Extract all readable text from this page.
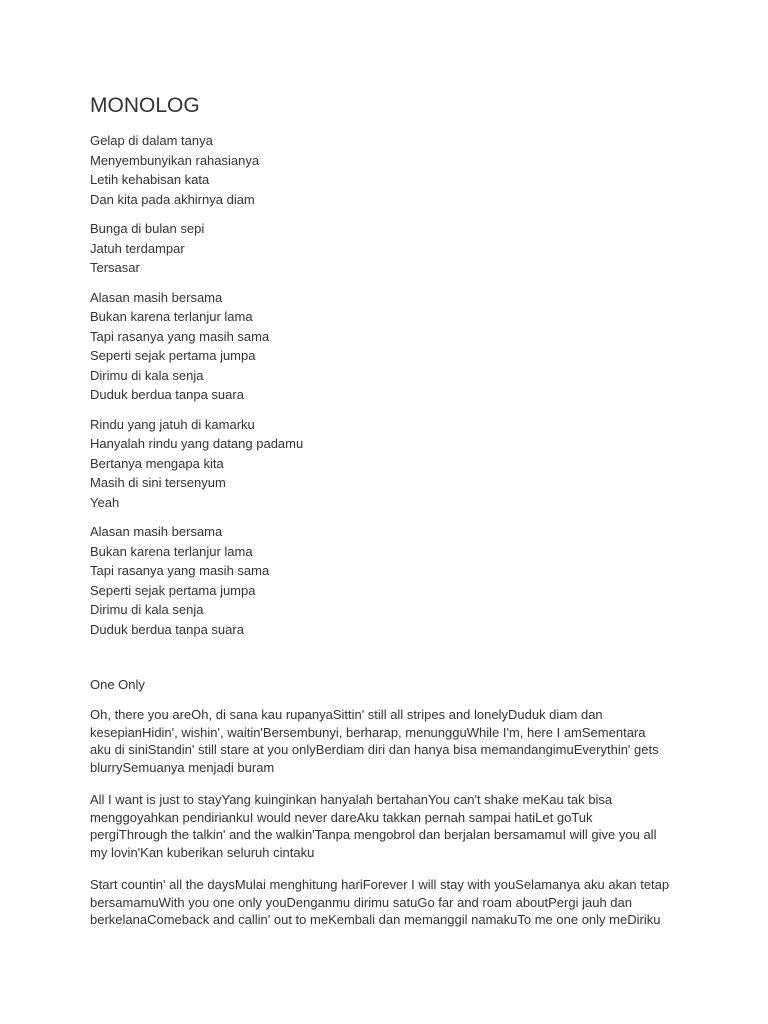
MONOLOG
Gelap di dalam tanya
Menyembunyikan rahasianya
Letih kehabisan kata
Dan kita pada akhirnya diam
Bunga di bulan sepi
Jatuh terdampar
Tersasar
Alasan masih bersama
Bukan karena terlanjur lama
Tapi rasanya yang masih sama
Seperti sejak pertama jumpa
Dirimu di kala senja
Duduk berdua tanpa suara
Rindu yang jatuh di kamarku
Hanyalah rindu yang datang padamu
Bertanya mengapa kita
Masih di sini tersenyum
Yeah
Alasan masih bersama
Bukan karena terlanjur lama
Tapi rasanya yang masih sama
Seperti sejak pertama jumpa
Dirimu di kala senja
Duduk berdua tanpa suara
One Only
Oh, there you areOh, di sana kau rupanyaSittin' still all stripes and lonelyDuduk diam dan
kesepianHidin', wishin', waitin'Bersembunyi, berharap, menungguWhile I'm, here I amSementara
aku di siniStandin' still stare at you onlyBerdiam diri dan hanya bisa memandangimuEverythin' gets
blurrySemuanya menjadi buram
All I want is just to stayYang kuinginkan hanyalah bertahanYou can't shake meKau tak bisa
menggoyahkan pendiriankuI would never dareAku takkan pernah sampai hatiLet goTuk
pergiThrough the talkin' and the walkin'Tanpa mengobrol dan berjalan bersamamuI will give you all
my lovin'Kan kuberikan seluruh cintaku
Start countin' all the daysMulai menghitung hariForever I will stay with youSelamanya aku akan tetap
bersamamuWith you one only youDenganmu dirimu satuGo far and roam aboutPergi jauh dan
berkelanaComeback and callin' out to meKembali dan memanggil namakuTo me one only meDiriku
